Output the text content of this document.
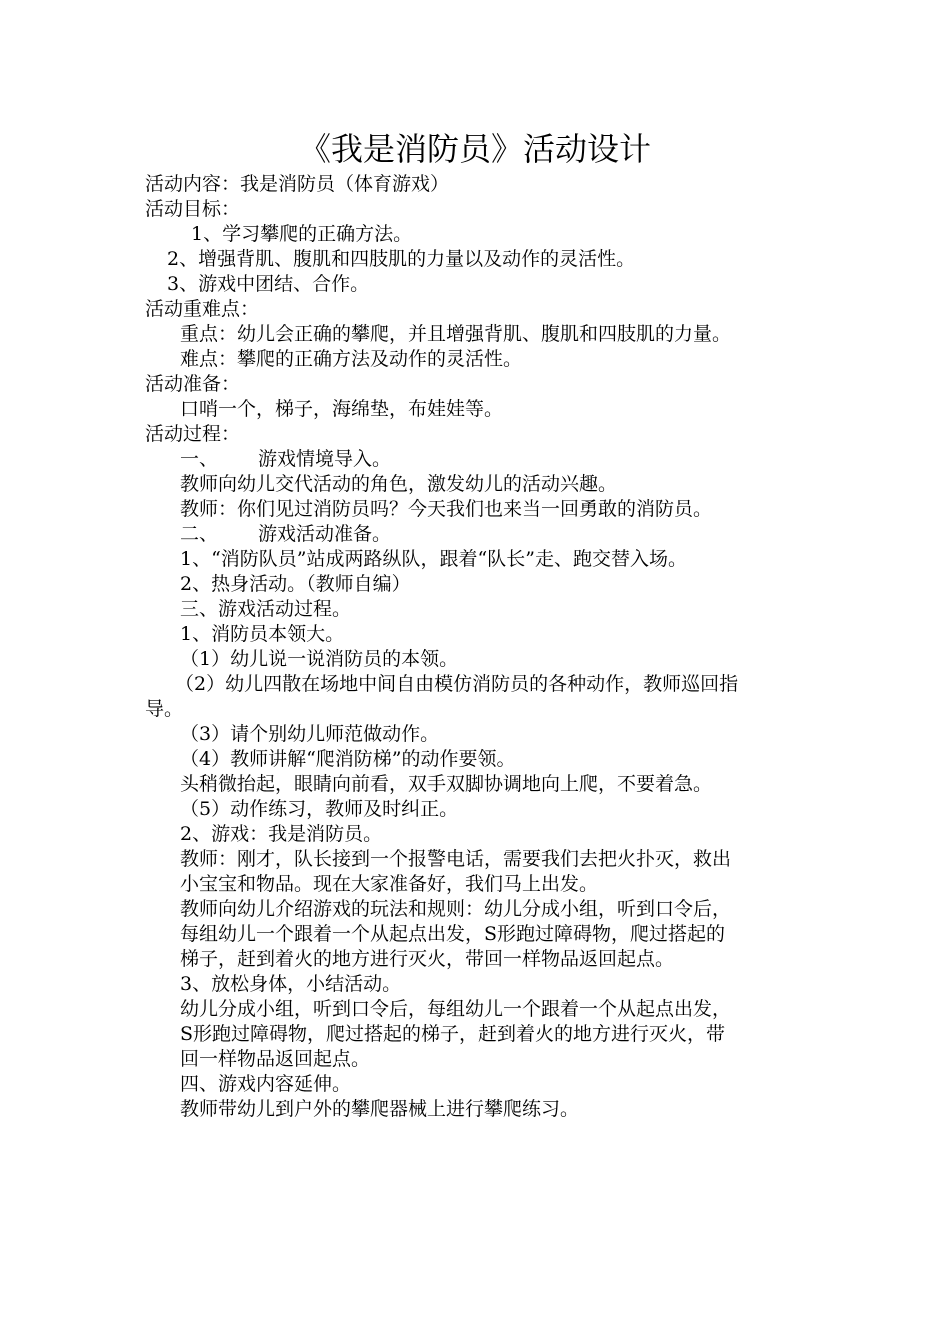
《我是消防员》活动设计
活动内容：我是消防员（体育游戏）
活动目标：
1、学习攀爬的正确方法。
2、增强背肌、腹肌和四肢肌的力量以及动作的灵活性。
3、游戏中团结、合作。
活动重难点：
重点：幼儿会正确的攀爬，并且增强背肌、腹肌和四肢肌的力量。
难点：攀爬的正确方法及动作的灵活性。
活动准备：
口哨一个，梯子，海绵垫，布娃娃等。
活动过程：
一、 游戏情境导入。
教师向幼儿交代活动的角色，激发幼儿的活动兴趣。
教师：你们见过消防员吗？今天我们也来当一回勇敢的消防员。
二、 游戏活动准备。
1、“消防队员”站成两路纵队，跟着“队长”走、跑交替入场。
2、热身活动。（教师自编）
三、游戏活动过程。
1、消防员本领大。
（1）幼儿说一说消防员的本领。
（2）幼儿四散在场地中间自由模仿消防员的各种动作，教师巡回指
导。
（3）请个别幼儿师范做动作。
（4）教师讲解“爬消防梯”的动作要领。
头稍微抬起，眼睛向前看，双手双脚协调地向上爬，不要着急。
（5）动作练习，教师及时纠正。
2、游戏：我是消防员。
教师：刚才，队长接到一个报警电话，需要我们去把火扑灭，救出
小宝宝和物品。现在大家准备好，我们马上出发。
教师向幼儿介绍游戏的玩法和规则：幼儿分成小组，听到口令后，
每组幼儿一个跟着一个从起点出发，S形跑过障碍物，爬过搭起的
梯子，赶到着火的地方进行灭火，带回一样物品返回起点。
3、放松身体，小结活动。
幼儿分成小组，听到口令后，每组幼儿一个跟着一个从起点出发，
S形跑过障碍物，爬过搭起的梯子，赶到着火的地方进行灭火，带
回一样物品返回起点。
四、游戏内容延伸。
教师带幼儿到户外的攀爬器械上进行攀爬练习。
